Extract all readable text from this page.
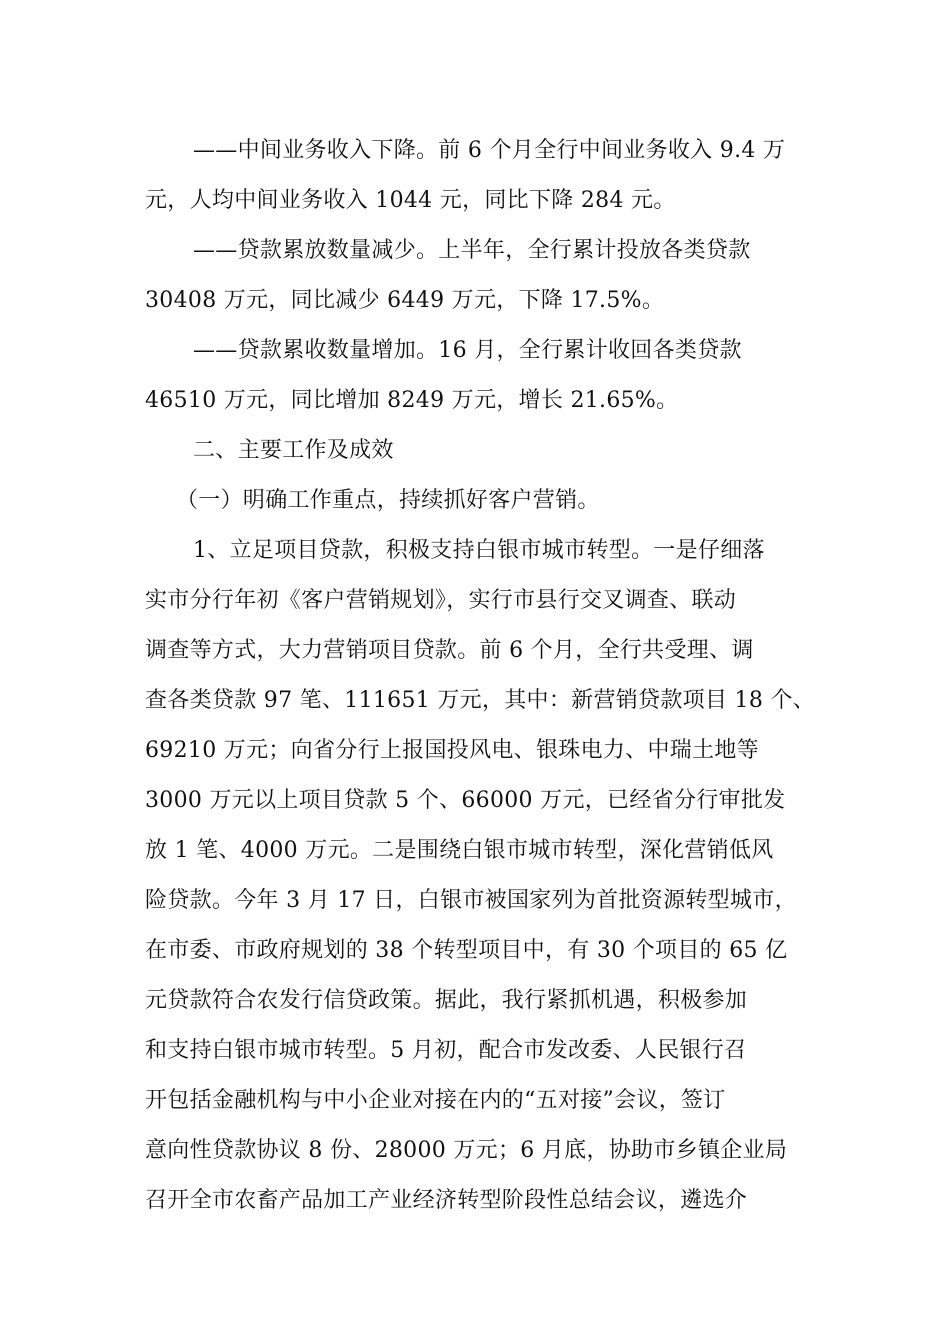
——中间业务收入下降。前 6 个月全行中间业务收入 9.4 万
元，人均中间业务收入 1044 元，同比下降 284 元。
——贷款累放数量减少。上半年，全行累计投放各类贷款
30408 万元，同比减少 6449 万元，下降 17.5%。
——贷款累收数量增加。16 月，全行累计收回各类贷款
46510 万元，同比增加 8249 万元，增长 21.65%。
二、主要工作及成效
（一）明确工作重点，持续抓好客户营销。
1、立足项目贷款，积极支持白银市城市转型。一是仔细落
实市分行年初《客户营销规划》，实行市县行交叉调查、联动
调查等方式，大力营销项目贷款。前 6 个月，全行共受理、调
查各类贷款 97 笔、111651 万元，其中：新营销贷款项目 18 个、
69210 万元；向省分行上报国投风电、银珠电力、中瑞土地等
3000 万元以上项目贷款 5 个、66000 万元，已经省分行审批发
放 1 笔、4000 万元。二是围绕白银市城市转型，深化营销低风
险贷款。今年 3 月 17 日，白银市被国家列为首批资源转型城市，
在市委、市政府规划的 38 个转型项目中，有 30 个项目的 65 亿
元贷款符合农发行信贷政策。据此，我行紧抓机遇，积极参加
和支持白银市城市转型。5 月初，配合市发改委、人民银行召
开包括金融机构与中小企业对接在内的“五对接”会议，签订
意向性贷款协议 8 份、28000 万元；6 月底，协助市乡镇企业局
召开全市农畜产品加工产业经济转型阶段性总结会议，遴选介
